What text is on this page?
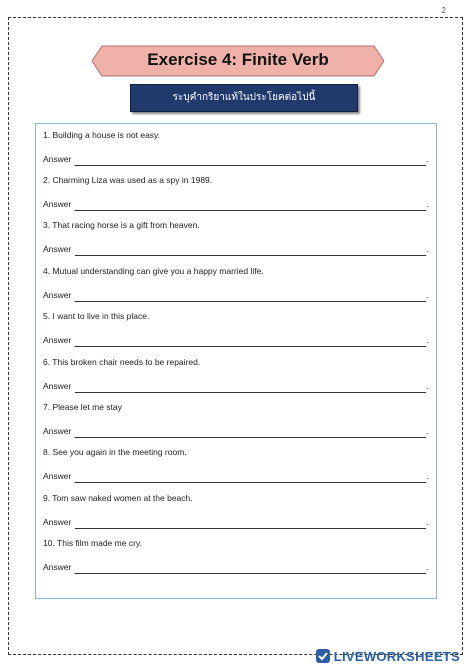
2
Exercise 4: Finite Verb
ระบุคำกริยาแท้ในประโยคต่อไปนี้
1. Building a house is not easy.
Answer	.
2. Charming Liza was used as a spy in 1989.
Answer	.
3. That racing horse is a gift from heaven.
Answer	.
4. Mutual understanding can give you a happy married life.
Answer	.
5. I want to live in this place.
Answer	.
6. This broken chair needs to be repaired.
Answer	.
7. Please let me stay
Answer	.
8. See you again in the meeting room.
Answer	.
9. Tom saw naked women at the beach.
Answer	.
10. This film made me cry.
Answer	.
LIVEWORKSHEETS
